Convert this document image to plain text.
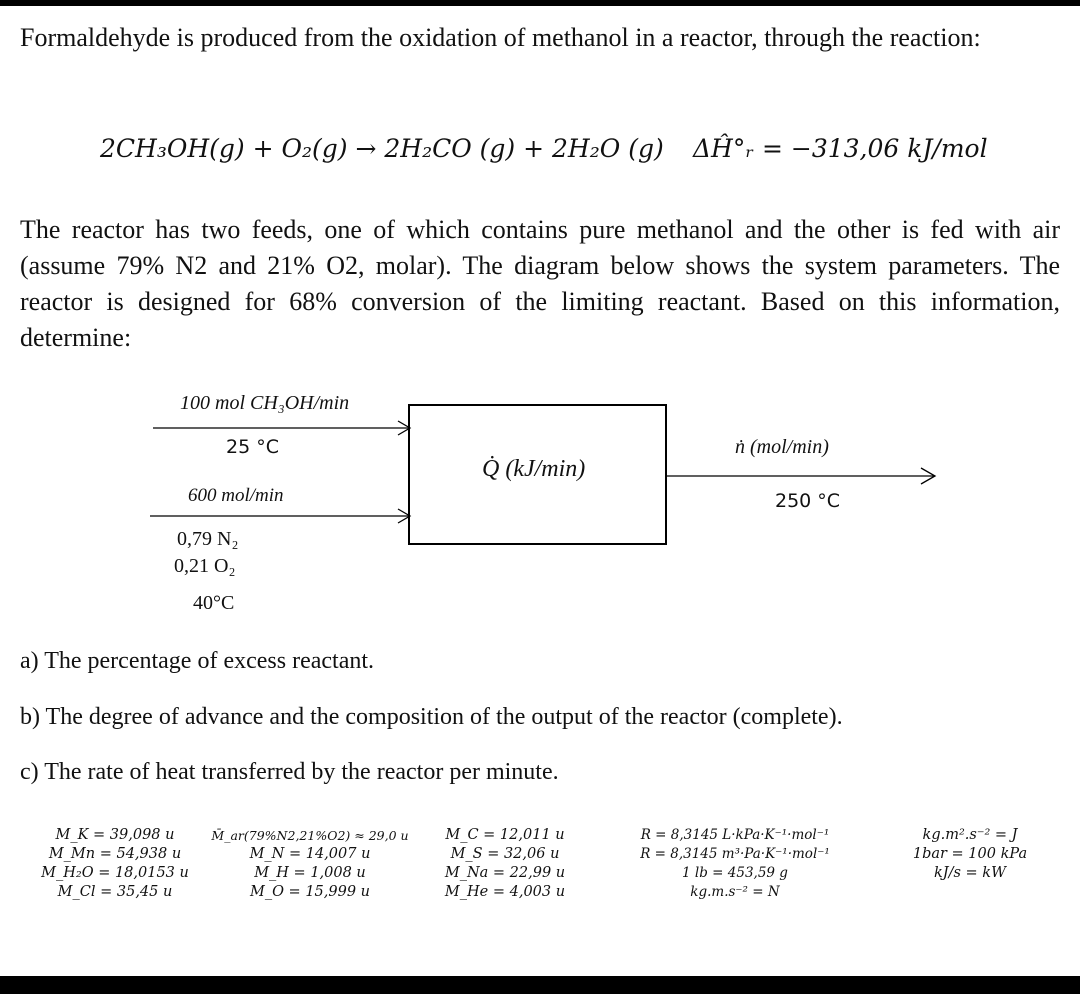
Formaldehyde is produced from the oxidation of methanol in a reactor, through the reaction:
2CH₃OH(g) + O₂(g) → 2H₂CO (g) + 2H₂O (g) ΔĤ°ᵣ = −313,06 kJ/mol
The reactor has two feeds, one of which contains pure methanol and the other is fed with air (assume 79% N2 and 21% O2, molar). The diagram below shows the system parameters. The reactor is designed for 68% conversion of the limiting reactant. Based on this information, determine:
100 mol CH₃OH/min
25 °C
600 mol/min
0,79 N₂
0,21 O₂
40°C
Q̇ (kJ/min)
ṅ (mol/min)
250 °C
a) The percentage of excess reactant.
b) The degree of advance and the composition of the output of the reactor (complete).
c) The rate of heat transferred by the reactor per minute.
M_K = 39,098 u
M_Mn = 54,938 u
M_H₂O = 18,0153 u
M_Cl = 35,45 u
M̄_ar(79%N2,21%O2) ≈ 29,0 u
M_N = 14,007 u
M_H = 1,008 u
M_O = 15,999 u
M_C = 12,011 u
M_S = 32,06 u
M_Na = 22,99 u
M_He = 4,003 u
R = 8,3145 L·kPa·K⁻¹·mol⁻¹
R = 8,3145 m³·Pa·K⁻¹·mol⁻¹
1 lb = 453,59 g
kg.m.s⁻² = N
kg.m².s⁻² = J
1bar = 100 kPa
kJ/s = kW
